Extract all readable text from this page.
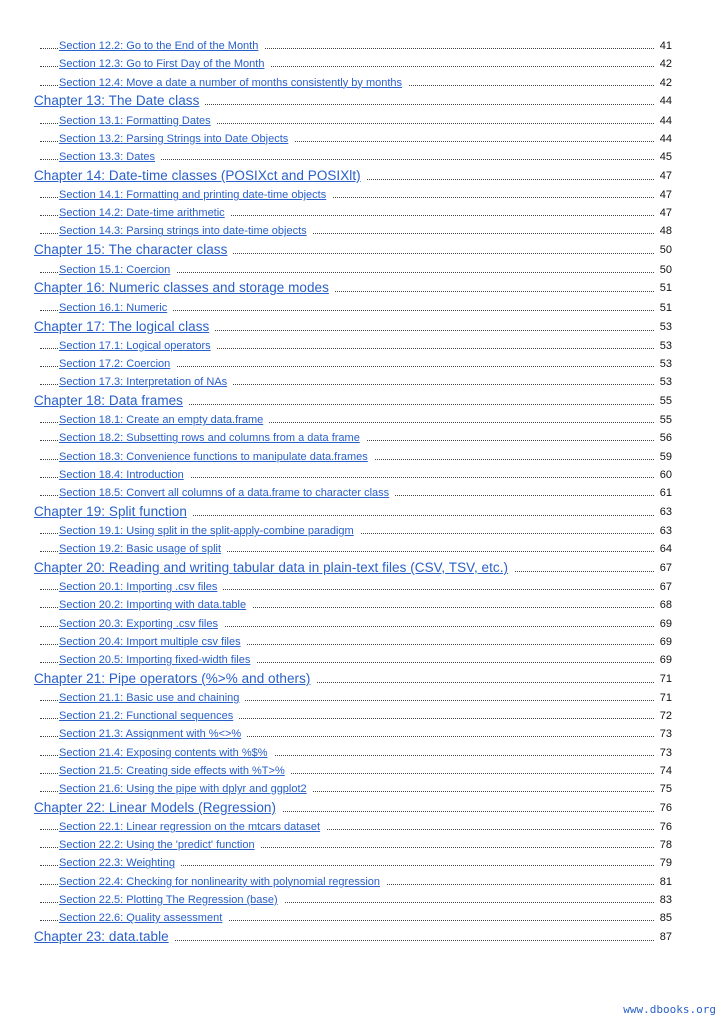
Section 12.2: Go to the End of the Month	41
Section 12.3: Go to First Day of the Month	42
Section 12.4: Move a date a number of months consistently by months	42
Chapter 13: The Date class	44
Section 13.1: Formatting Dates	44
Section 13.2: Parsing Strings into Date Objects	44
Section 13.3: Dates	45
Chapter 14: Date-time classes (POSIXct and POSIXlt)	47
Section 14.1: Formatting and printing date-time objects	47
Section 14.2: Date-time arithmetic	47
Section 14.3: Parsing strings into date-time objects	48
Chapter 15: The character class	50
Section 15.1: Coercion	50
Chapter 16: Numeric classes and storage modes	51
Section 16.1: Numeric	51
Chapter 17: The logical class	53
Section 17.1: Logical operators	53
Section 17.2: Coercion	53
Section 17.3: Interpretation of NAs	53
Chapter 18: Data frames	55
Section 18.1: Create an empty data.frame	55
Section 18.2: Subsetting rows and columns from a data frame	56
Section 18.3: Convenience functions to manipulate data.frames	59
Section 18.4: Introduction	60
Section 18.5: Convert all columns of a data.frame to character class	61
Chapter 19: Split function	63
Section 19.1: Using split in the split-apply-combine paradigm	63
Section 19.2: Basic usage of split	64
Chapter 20: Reading and writing tabular data in plain-text files (CSV, TSV, etc.)	67
Section 20.1: Importing .csv files	67
Section 20.2: Importing with data.table	68
Section 20.3: Exporting .csv files	69
Section 20.4: Import multiple csv files	69
Section 20.5: Importing fixed-width files	69
Chapter 21: Pipe operators (%>% and others)	71
Section 21.1: Basic use and chaining	71
Section 21.2: Functional sequences	72
Section 21.3: Assignment with %<>%	73
Section 21.4: Exposing contents with %$%	73
Section 21.5: Creating side effects with %T>%	74
Section 21.6: Using the pipe with dplyr and ggplot2	75
Chapter 22: Linear Models (Regression)	76
Section 22.1: Linear regression on the mtcars dataset	76
Section 22.2: Using the 'predict' function	78
Section 22.3: Weighting	79
Section 22.4: Checking for nonlinearity with polynomial regression	81
Section 22.5: Plotting The Regression (base)	83
Section 22.6: Quality assessment	85
Chapter 23: data.table	87
www.dbooks.org
